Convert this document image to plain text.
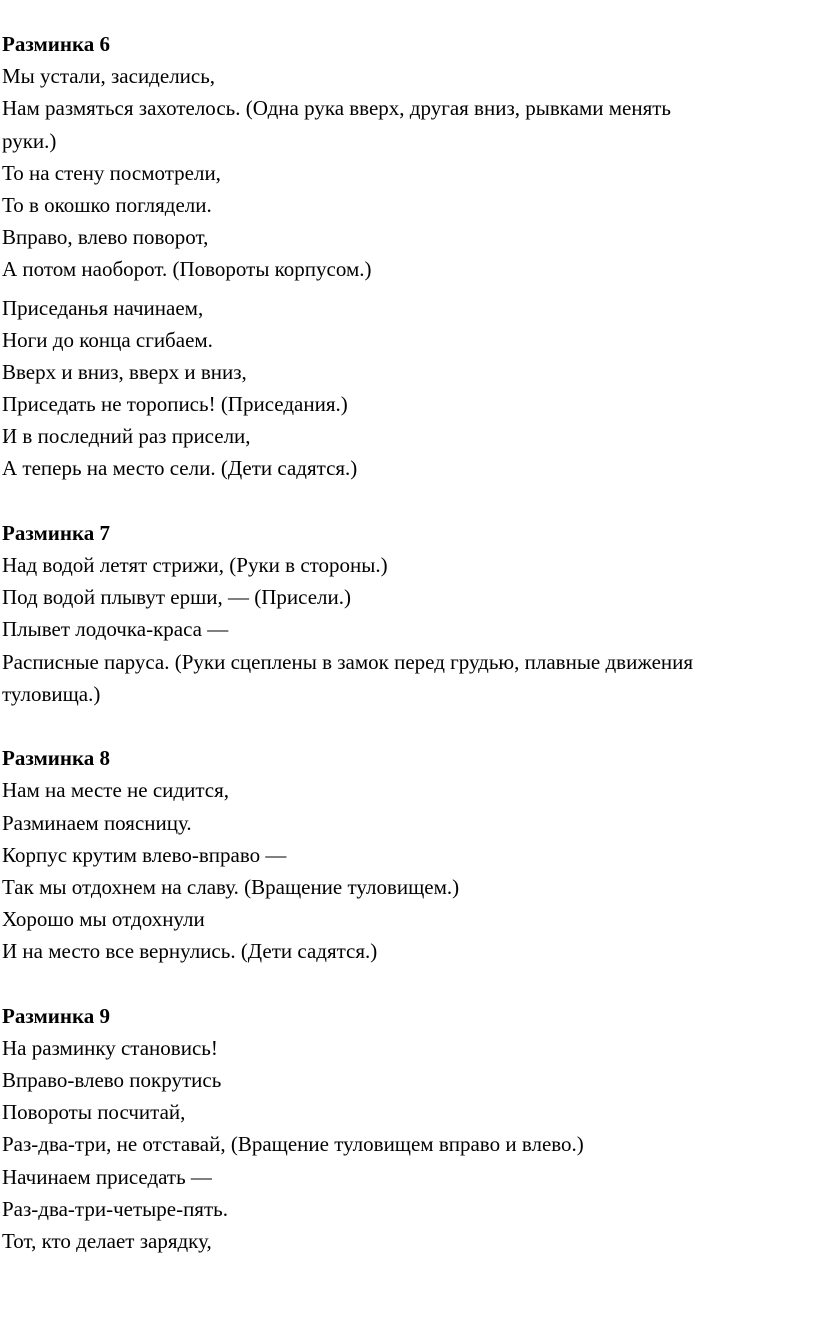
Разминка 6
Мы устали, засиделись,
Нам размяться захотелось. (Одна рука вверх, другая вниз, рывками менять
руки.)
То на стену посмотрели,
То в окошко поглядели.
Вправо, влево поворот,
А потом наоборот. (Повороты корпусом.)
Приседанья начинаем,
Ноги до конца сгибаем.
Вверх и вниз, вверх и вниз,
Приседать не торопись! (Приседания.)
И в последний раз присели,
А теперь на место сели. (Дети садятся.)
Разминка 7
Над водой летят стрижи, (Руки в стороны.)
Под водой плывут ерши, — (Присели.)
Плывет лодочка-краса —
Расписные паруса. (Руки сцеплены в замок перед грудью, плавные движения
туловища.)
Разминка 8
Нам на месте не сидится,
Разминаем поясницу.
Корпус крутим влево-вправо —
Так мы отдохнем на славу. (Вращение туловищем.)
Хорошо мы отдохнули
И на место все вернулись. (Дети садятся.)
Разминка 9
На разминку становись!
Вправо-влево покрутись
Повороты посчитай,
Раз-два-три, не отставай, (Вращение туловищем вправо и влево.)
Начинаем приседать —
Раз-два-три-четыре-пять.
Тот, кто делает зарядку,
